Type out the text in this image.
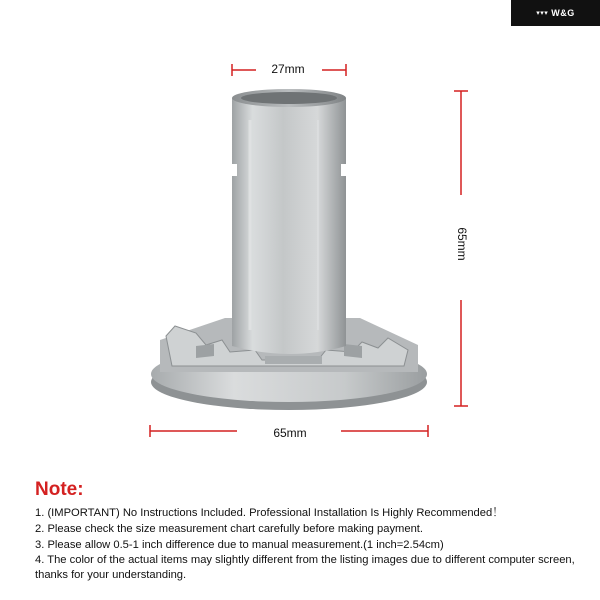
▾▾▾ W&G
27mm
65mm
65mm
Note:
1. (IMPORTANT) No Instructions Included. Professional Installation Is Highly Recommended！
2. Please check the size measurement chart carefully before making payment.
3. Please allow 0.5-1 inch difference due to manual measurement.(1 inch=2.54cm)
4. The color of the actual items may slightly different from the listing images due to different computer screen, thanks for your understanding.
